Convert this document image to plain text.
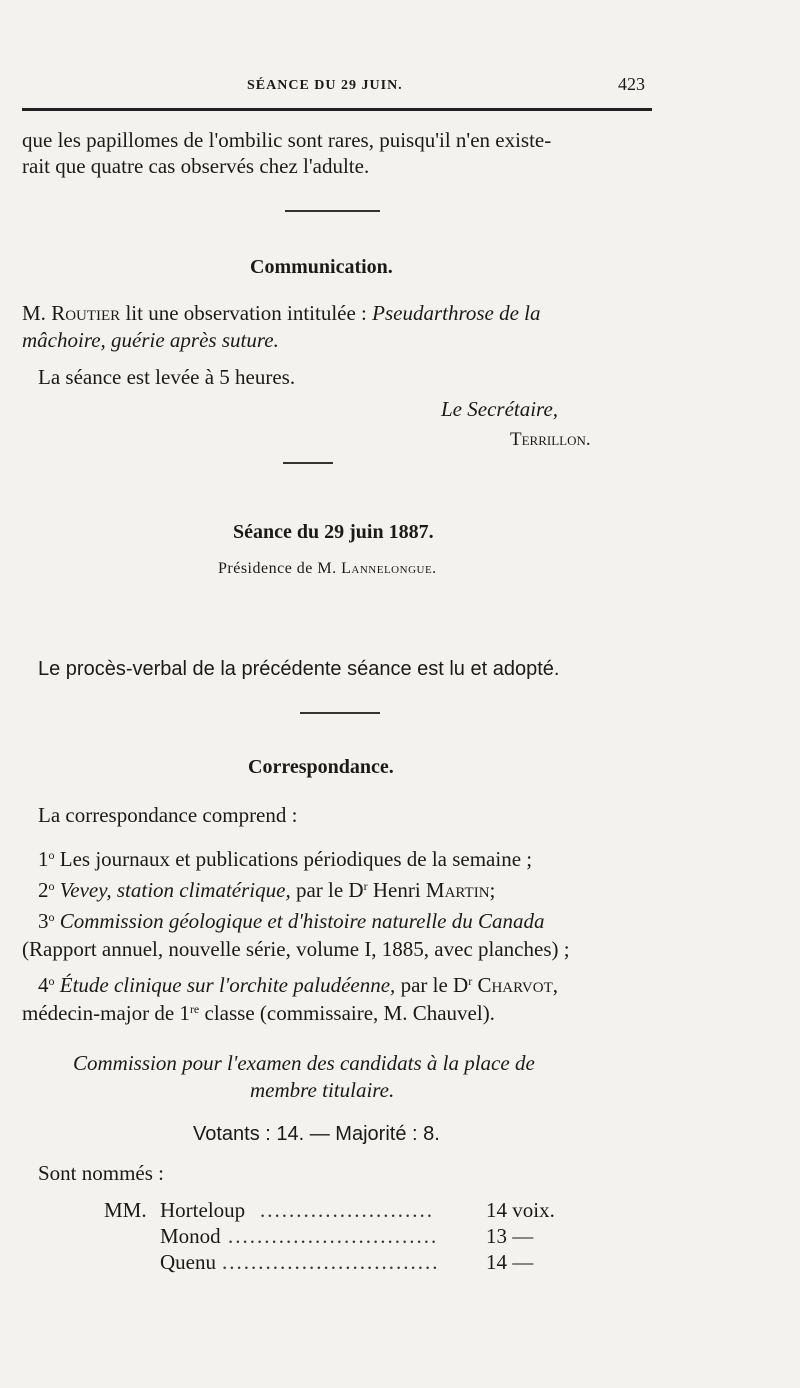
SÉANCE DU 29 JUIN.	423
que les papillomes de l'ombilic sont rares, puisqu'il n'en existe-
rait que quatre cas observés chez l'adulte.
Communication.
M. Routier lit une observation intitulée : Pseudarthrose de la
mâchoire, guérie après suture.
La séance est levée à 5 heures.
Le Secrétaire,
Terrillon.
Séance du 29 juin 1887.
Présidence de M. Lannelongue.
Le procès-verbal de la précédente séance est lu et adopté.
Correspondance.
La correspondance comprend :
1$^o$ Les journaux et publications périodiques de la semaine ;
2$^o$ Vevey, station climatérique, par le $D^r$ Henri Martin;
3$^o$ Commission géologique et d'histoire naturelle du Canada
(Rapport annuel, nouvelle série, volume I, 1885, avec planches) ;
4$^o$ Étude clinique sur l'orchite paludéenne, par le $D^r$ Charvot,
médecin-major de 1re classe (commissaire, M. Chauvel).
Commission pour l'examen des candidats à la place de
membre titulaire.
Votants : 14. — Majorité : 8.
Sont nommés :
MM. Horteloup ........................ 14 voix.
Monod ............................. 13 —
Quenu .............................. 14 —
